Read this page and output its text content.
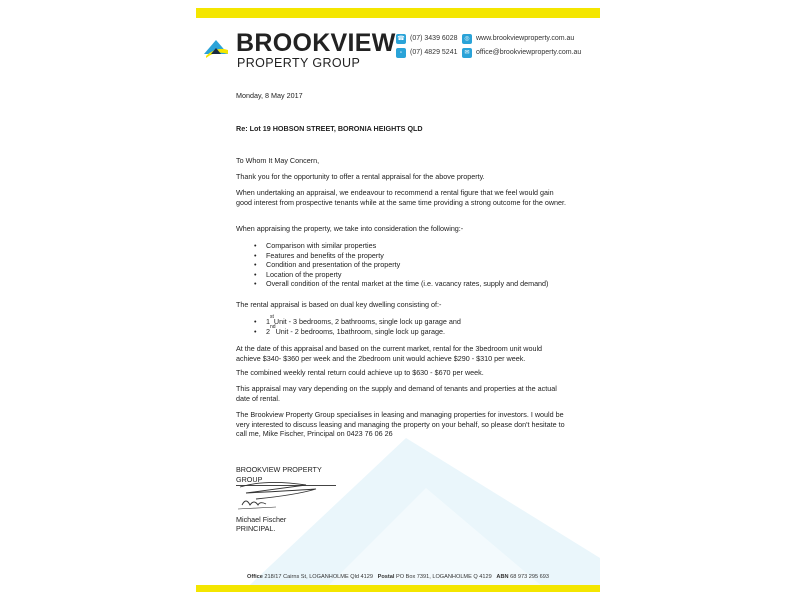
BROOKVIEW
PROPERTY GROUP
☎ (07) 3439 6028
▫	(07) 4829 5241
◎ www.brookviewproperty.com.au
✉ office@brookviewproperty.com.au
Monday, 8 May 2017
Re: Lot 19 HOBSON STREET, BORONIA HEIGHTS QLD
To Whom It May Concern,
Thank you for the opportunity to offer a rental appraisal for the above property.
When undertaking an appraisal, we endeavour to recommend a rental figure that we feel would gain good interest from prospective tenants while at the same time providing a strong outcome for the owner.
When appraising the property, we take into consideration the following:-
•	Comparison with similar properties
•	Features and benefits of the property
•	Condition and presentation of the property
•	Location of the property
•	Overall condition of the rental market at the time (i.e. vacancy rates, supply and demand)
The rental appraisal is based on dual key dwelling consisting of:-
•	1 st Unit - 3 bedrooms, 2 bathrooms, single lock up garage and
•	2 nd Unit - 2 bedrooms, 1bathroom, single lock up garage.
At the date of this appraisal and based on the current market, rental for the 3bedroom unit would achieve $340- $360 per week and the 2bedroom unit would achieve $290 - $310 per week.
The combined weekly rental return could achieve up to $630 - $670 per week.
This appraisal may vary depending on the supply and demand of tenants and properties at the actual date of rental.
The Brookview Property Group specialises in leasing and managing properties for investors. I would be very interested to discuss leasing and managing the property on your behalf, so please don't hesitate to call me, Mike Fischer, Principal on 0423 76 06 26
BROOKVIEW PROPERTY GROUP
Michael Fischer
PRINCIPAL.
Office 218/17 Cairns St, LOGANHOLME Qld 4129 Postal PO Box 7391, LOGANHOLME Q 4129 ABN 68 973 295 693
